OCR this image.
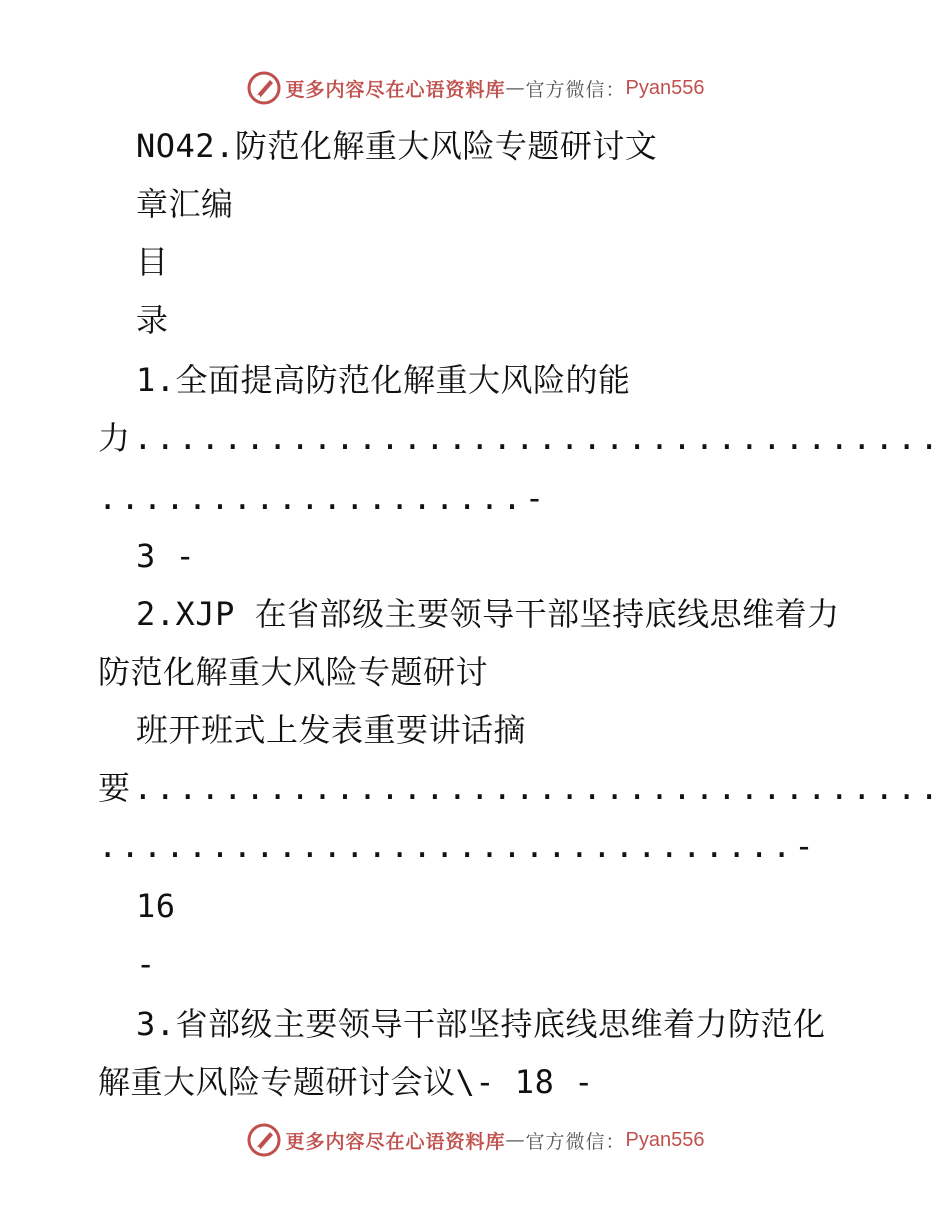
更多内容尽在心语资料库 — 官方微信： Pyan556
NO42.防范化解重大风险专题研讨文
章汇编
目
录
1.全面提高防范化解重大风险的能
力....................................
...................-
3 -
2.XJP 在省部级主要领导干部坚持底线思维着力
防范化解重大风险专题研讨
班开班式上发表重要讲话摘
要....................................
...............................-
16
-
3.省部级主要领导干部坚持底线思维着力防范化
解重大风险专题研讨会议\- 18 -
更多内容尽在心语资料库 — 官方微信： Pyan556
